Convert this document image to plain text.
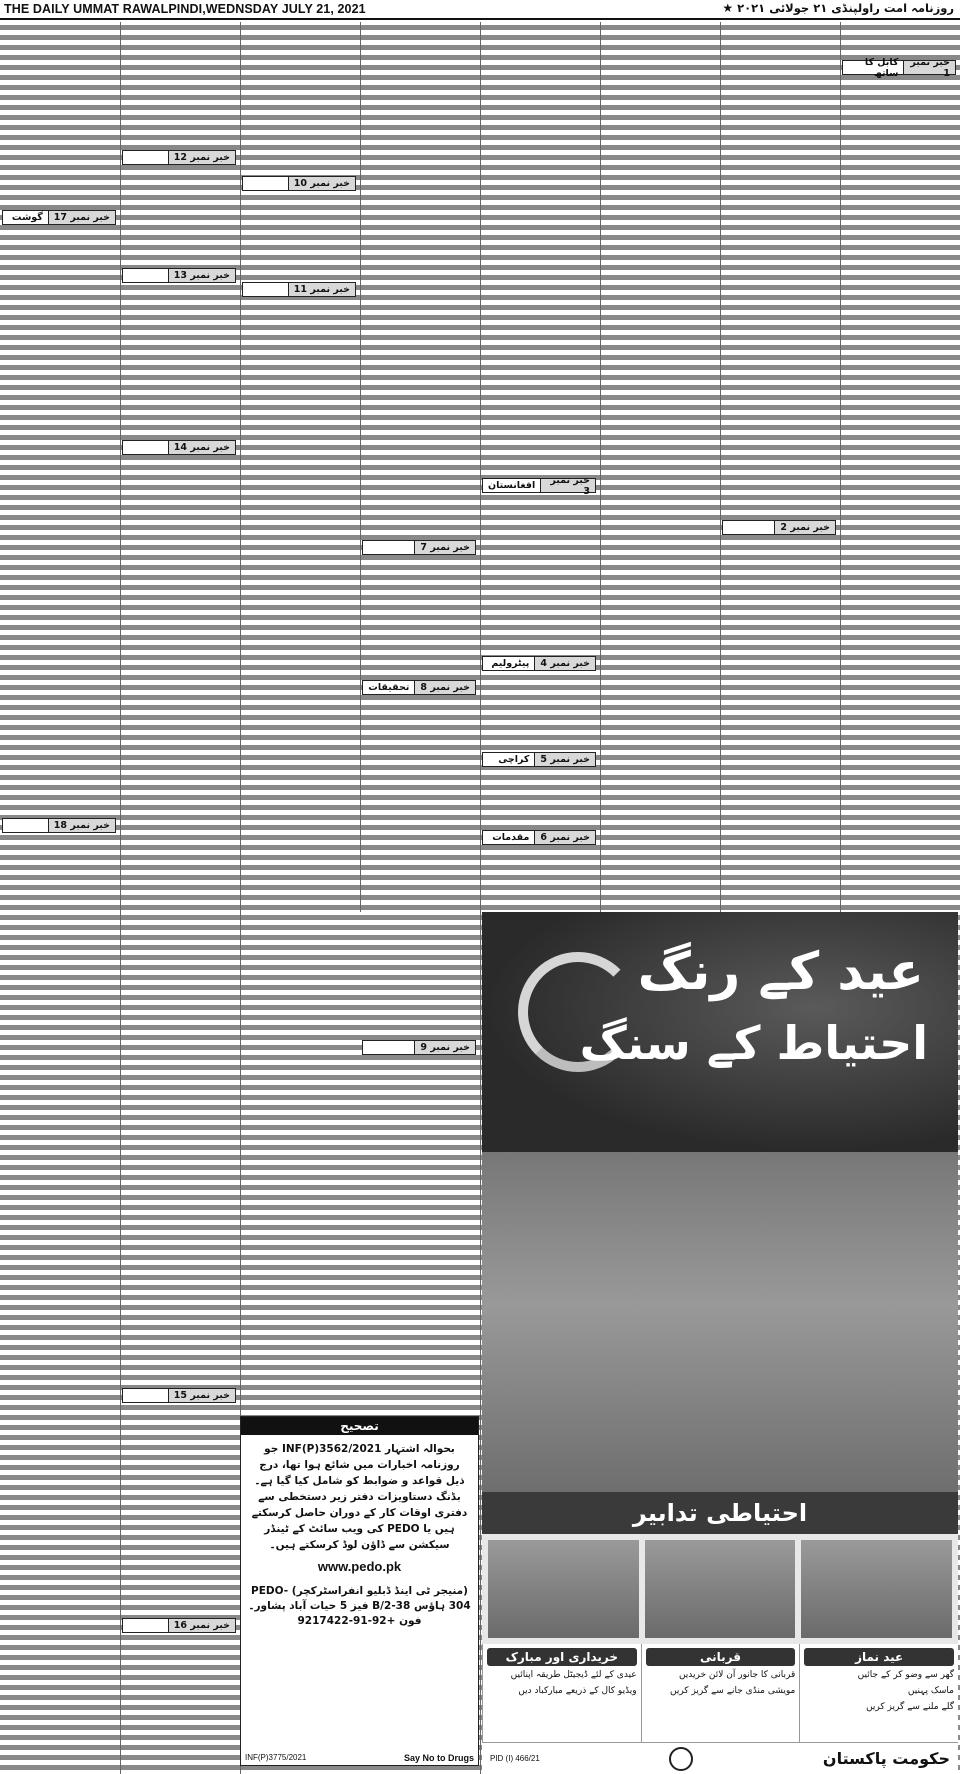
THE DAILY UMMAT RAWALPINDI,WEDNSDAY JULY 21, 2021	روزنامہ امت راولپنڈی ۲۱ جولائی ۲۰۲۱ ★
خبر نمبر 1
کابل کا ساتھ
خبر نمبر 2
خبر نمبر 3
افغانستان
خبر نمبر 4
پیٹرولیم
خبر نمبر 5
کراچی
خبر نمبر 6
مقدمات
خبر نمبر 7
خبر نمبر 8
تحقیقات
خبر نمبر 9
خبر نمبر 10
خبر نمبر 11
خبر نمبر 12
خبر نمبر 13
خبر نمبر 14
خبر نمبر 15
خبر نمبر 16
خبر نمبر 17
گوشت
خبر نمبر 18
تصحیح
بحوالہ اشتہار INF(P)3562/2021 جو روزنامہ اخبارات میں شائع ہوا تھا، درج ذیل قواعد و ضوابط کو شامل کیا گیا ہے۔ بڈنگ دستاویزات دفتر زیر دستخطی سے دفتری اوقات کار کے دوران حاصل کرسکتے ہیں یا PEDO کی ویب سائٹ کے ٹینڈر سیکشن سے ڈاؤن لوڈ کرسکتے ہیں۔
www.pedo.pk
(منیجر ٹی اینڈ ڈبلیو انفراسٹرکچر) PEDO-304 ہاؤس 38-B/2 فیز 5 حیات آباد پشاور۔ فون +92-91-9217422
INF(P)3775/2021	Say No to Drugs
عید کے رنگ
احتیاط کے سنگ
احتیاطی تدابیر
عید نماز
گھر سے وضو کر کے جائیں
ماسک پہنیں
گلے ملنے سے گریز کریں
قربانی
قربانی کا جانور آن لائن خریدیں
مویشی منڈی جانے سے گریز کریں
خریداری اور مبارک
عیدی کے لئے ڈیجیٹل طریقہ اپنائیں
ویڈیو کال کے ذریعے مبارکباد دیں
PID (I) 466/21	حکومت پاکستان
